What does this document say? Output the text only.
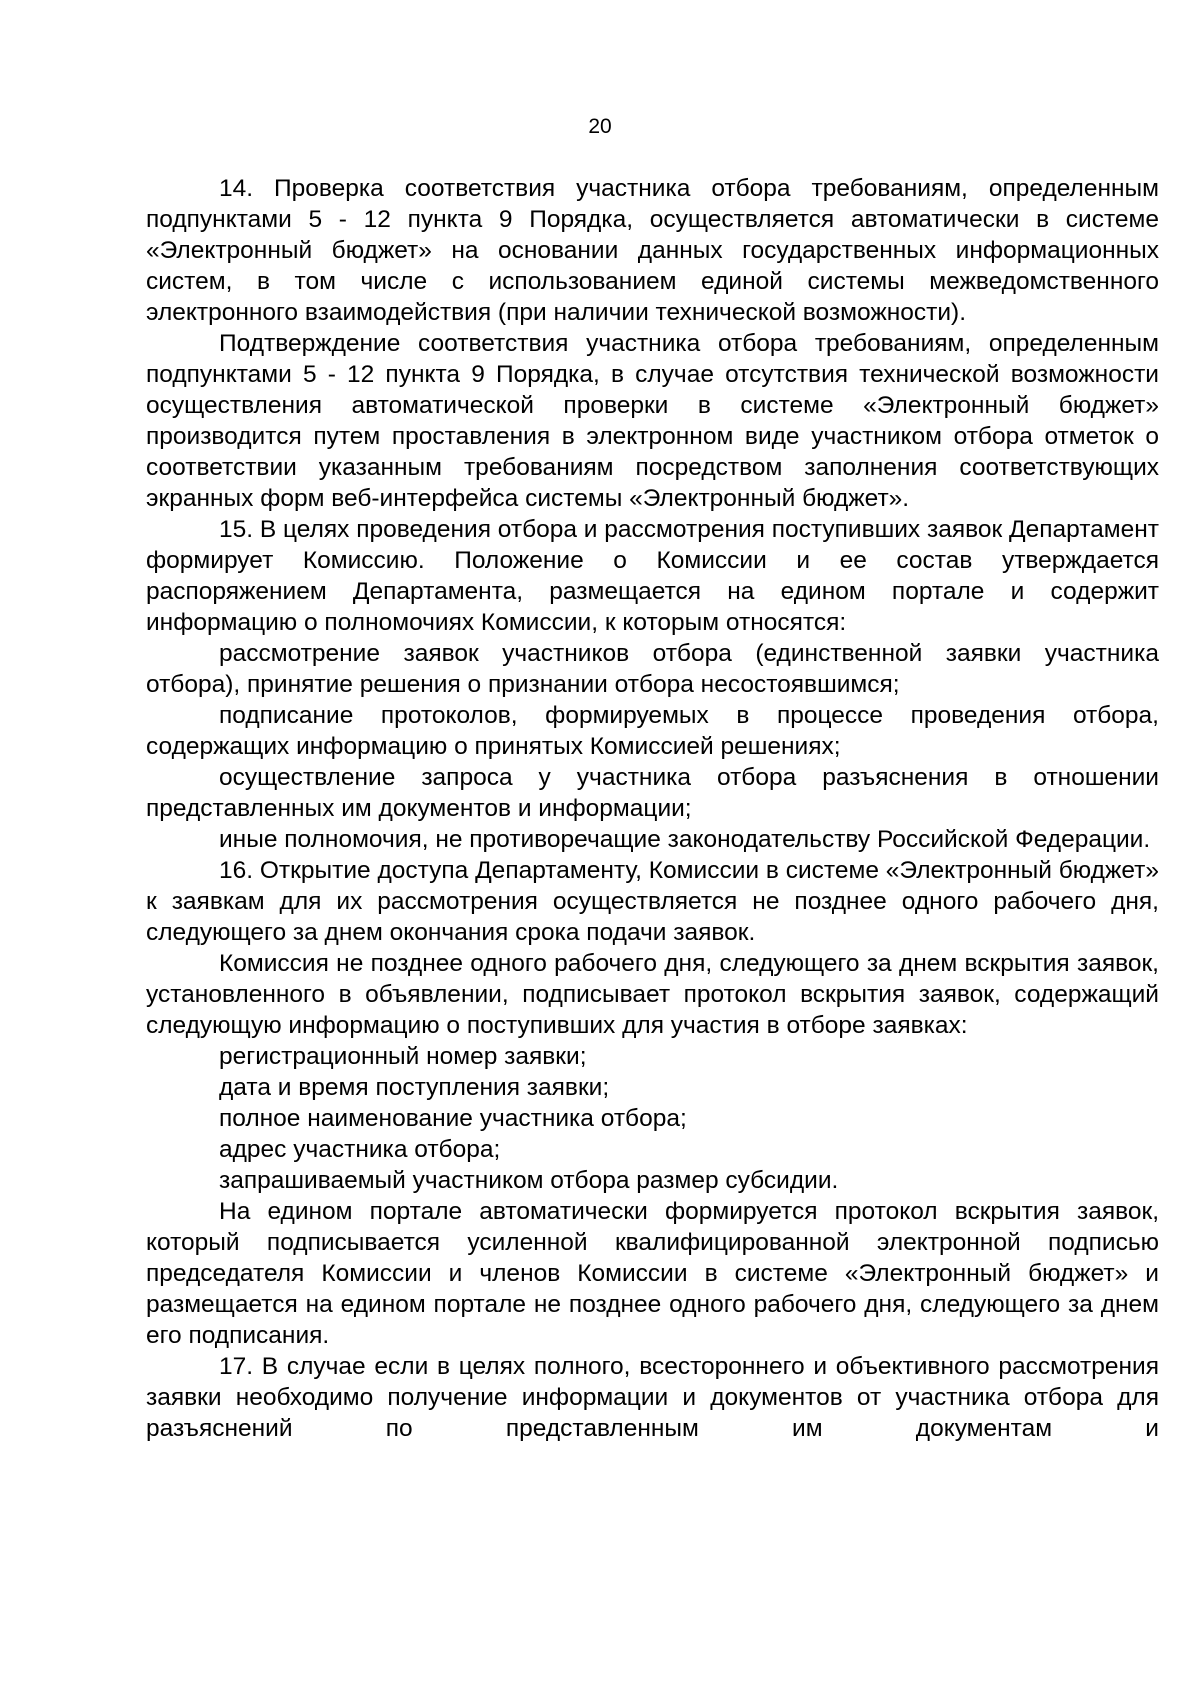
20

14. Проверка соответствия участника отбора требованиям, определенным подпунктами 5 - 12 пункта 9 Порядка, осуществляется автоматически в системе «Электронный бюджет» на основании данных государственных информационных систем, в том числе с использованием единой системы межведомственного электронного взаимодействия (при наличии технической возможности).

Подтверждение соответствия участника отбора требованиям, определенным подпунктами 5 - 12 пункта 9 Порядка, в случае отсутствия технической возможности осуществления автоматической проверки в системе «Электронный бюджет» производится путем проставления в электронном виде участником отбора отметок о соответствии указанным требованиям посредством заполнения соответствующих экранных форм веб-интерфейса системы «Электронный бюджет».

15. В целях проведения отбора и рассмотрения поступивших заявок Департамент формирует Комиссию. Положение о Комиссии и ее состав утверждается распоряжением Департамента, размещается на едином портале и содержит информацию о полномочиях Комиссии, к которым относятся:

рассмотрение заявок участников отбора (единственной заявки участника отбора), принятие решения о признании отбора несостоявшимся;

подписание протоколов, формируемых в процессе проведения отбора, содержащих информацию о принятых Комиссией решениях;

осуществление запроса у участника отбора разъяснения в отношении представленных им документов и информации;

иные полномочия, не противоречащие законодательству Российской Федерации.

16. Открытие доступа Департаменту, Комиссии в системе «Электронный бюджет» к заявкам для их рассмотрения осуществляется не позднее одного рабочего дня, следующего за днем окончания срока подачи заявок.

Комиссия не позднее одного рабочего дня, следующего за днем вскрытия заявок, установленного в объявлении, подписывает протокол вскрытия заявок, содержащий следующую информацию о поступивших для участия в отборе заявках:

регистрационный номер заявки;

дата и время поступления заявки;

полное наименование участника отбора;

адрес участника отбора;

запрашиваемый участником отбора размер субсидии.

На едином портале автоматически формируется протокол вскрытия заявок, который подписывается усиленной квалифицированной электронной подписью председателя Комиссии и членов Комиссии в системе «Электронный бюджет» и размещается на едином портале не позднее одного рабочего дня, следующего за днем его подписания.

17. В случае если в целях полного, всестороннего и объективного рассмотрения заявки необходимо получение информации и документов от участника отбора для разъяснений по представленным им документам и
